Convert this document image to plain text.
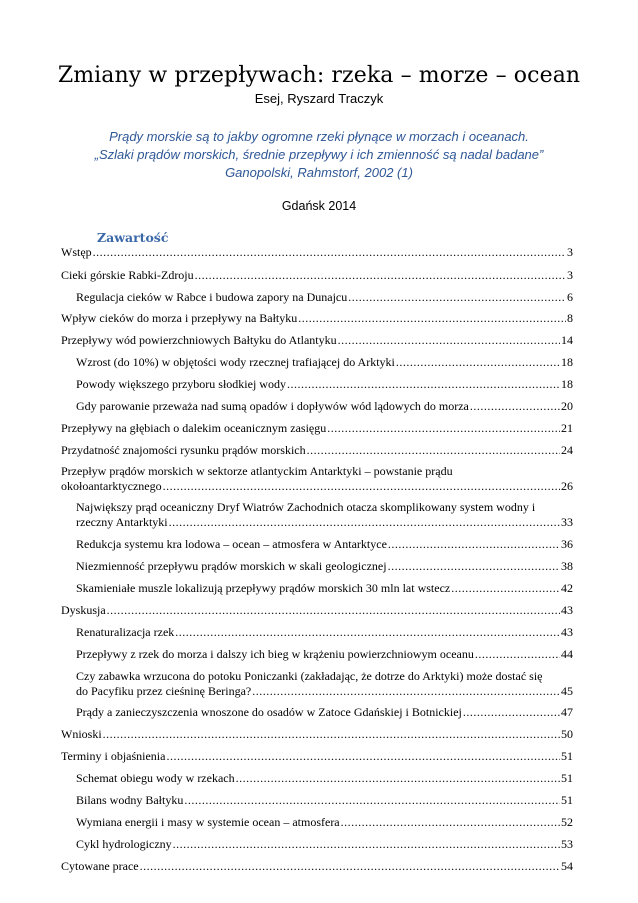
Zmiany w przepływach: rzeka – morze – ocean
Esej, Ryszard Traczyk
Prądy morskie są to jakby ogromne rzeki płynące w morzach i oceanach.
„Szlaki prądów morskich, średnie przepływy i ich zmienność są nadal badane”
Ganopolski, Rahmstorf, 2002 (1)
Gdańsk 2014
Zawartość
Wstęp .....	3
Cieki górskie Rabki-Zdroju .....	3
Regulacja cieków w Rabce i budowa zapory na Dunajcu .....	6
Wpływ cieków do morza i przepływy na Bałtyku .....	8
Przepływy wód powierzchniowych Bałtyku do Atlantyku .....	14
Wzrost (do 10%) w objętości wody rzecznej trafiającej do Arktyki .....	18
Powody większego przyboru słodkiej wody .....	18
Gdy parowanie przeważa nad sumą opadów i dopływów wód lądowych do morza .....	20
Przepływy na głębiach o dalekim oceanicznym zasięgu .....	21
Przydatność znajomości rysunku prądów morskich .....	24
Przepływ prądów morskich w sektorze atlantyckim Antarktyki – powstanie prądu
okołoantarktycznego .....	26
Największy prąd oceaniczny Dryf Wiatrów Zachodnich otacza skomplikowany system wodny i
rzeczny Antarktyki .....	33
Redukcja systemu kra lodowa – ocean – atmosfera w Antarktyce .....	36
Niezmienność przepływu prądów morskich w skali geologicznej .....	38
Skamieniałe muszle lokalizują przepływy prądów morskich 30 mln lat wstecz .....	42
Dyskusja .....	43
Renaturalizacja rzek .....	43
Przepływy z rzek do morza i dalszy ich bieg w krążeniu powierzchniowym oceanu .....	44
Czy zabawka wrzucona do potoku Poniczanki (zakładając, że dotrze do Arktyki) może dostać się
do Pacyfiku przez cieśninę Beringa? .....	45
Prądy a zanieczyszczenia wnoszone do osadów w Zatoce Gdańskiej i Botnickiej .....	47
Wnioski .....	50
Terminy i objaśnienia .....	51
Schemat obiegu wody w rzekach .....	51
Bilans wodny Bałtyku .....	51
Wymiana energii i masy w systemie ocean – atmosfera .....	52
Cykl hydrologiczny .....	53
Cytowane prace .....	54
